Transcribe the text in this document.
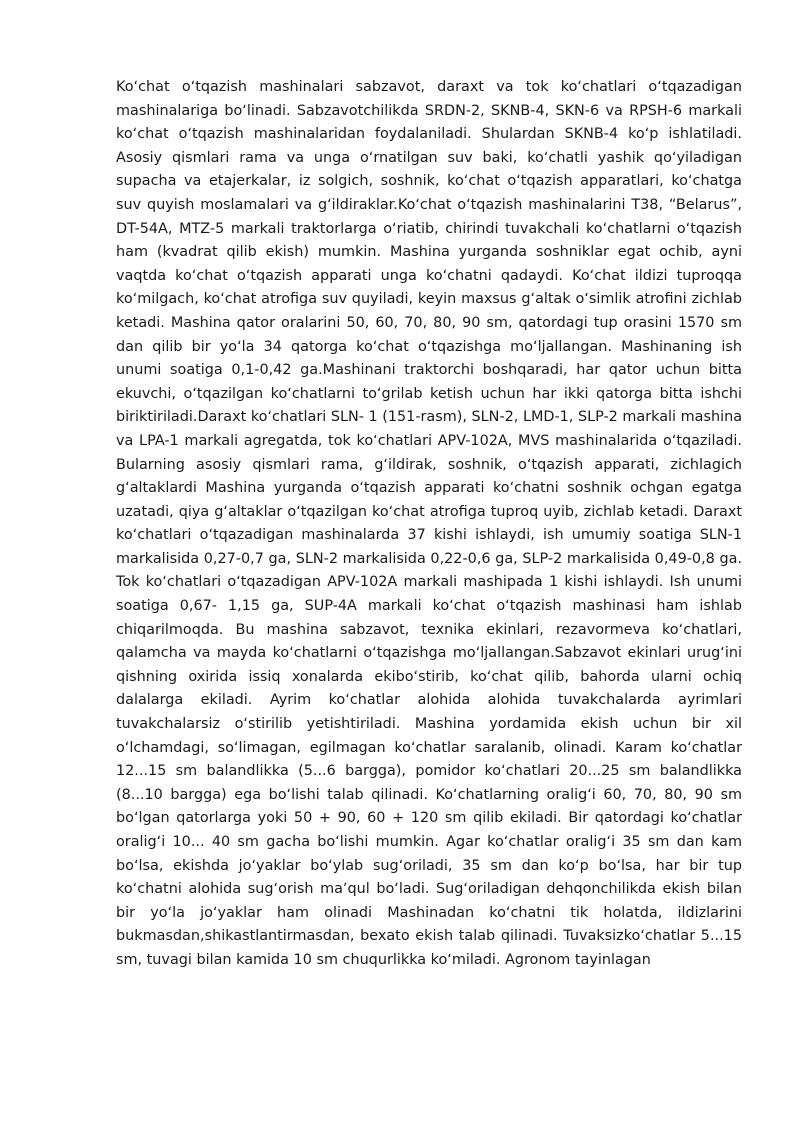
Koʻchat oʻtqazish mashinalari sabzavot, daraxt va tok koʻchatlari oʻtqazadigan mashinalariga boʻlinadi. Sabzavotchilikda SRDN-2, SKNB-4, SKN-6 va RPSH-6 markali koʻchat oʻtqazish mashinalaridan foydalaniladi. Shulardan SKNB-4 koʻp ishlatiladi. Asosiy qismlari rama va unga oʻrnatilgan suv baki, koʻchatli yashik qoʻyiladigan supacha va etajerkalar, iz solgich, soshnik, koʻchat oʻtqazish apparatlari, koʻchatga suv quyish moslamalari va gʻildiraklar.Koʻchat oʻtqazish mashinalarini T38, “Belarus”, DT-54A, MTZ-5 markali traktorlarga oʻriatib, chirindi tuvakchali koʻchatlarni oʻtqazish ham (kvadrat qilib ekish) mumkin. Mashina yurganda soshniklar egat ochib, ayni vaqtda koʻchat oʻtqazish apparati unga koʻchatni qadaydi. Koʻchat ildizi tuproqqa koʻmilgach, koʻchat atrofiga suv quyiladi, keyin maxsus gʻaltak oʻsimlik atrofini zichlab ketadi. Mashina qator oralarini 50, 60, 70, 80, 90 sm, qatordagi tup orasini 1570 sm dan qilib bir yoʻla 34 qatorga koʻchat oʻtqazishga moʻljallangan. Mashinaning ish unumi soatiga 0,1-0,42 ga.Mashinani traktorchi boshqaradi, har qator uchun bitta ekuvchi, oʻtqazilgan koʻchatlarni toʻgrilab ketish uchun har ikki qatorga bitta ishchi biriktiriladi.Daraxt koʻchatlari SLN- 1 (151-rasm), SLN-2, LMD-1, SLP-2 markali mashina va LPA-1 markali agregatda, tok koʻchatlari APV-102A, MVS mashinalarida oʻtqaziladi. Bularning asosiy qismlari rama, gʻildirak, soshnik, oʻtqazish apparati, zichlagich gʻaltaklardi Mashina yurganda oʻtqazish apparati koʻchatni soshnik ochgan egatga uzatadi, qiya gʻaltaklar oʻtqazilgan koʻchat atrofiga tuproq uyib, zichlab ketadi. Daraxt koʻchatlari oʻtqazadigan mashinalarda 37 kishi ishlaydi, ish umumiy soatiga SLN-1 markalisida 0,27-0,7 ga, SLN-2 markalisida 0,22-0,6 ga, SLP-2 markalisida 0,49-0,8 ga. Tok koʻchatlari oʻtqazadigan APV-102A markali mashipada 1 kishi ishlaydi. Ish unumi soatiga 0,67- 1,15 ga, SUP-4A markali koʻchat oʻtqazish mashinasi ham ishlab chiqarilmoqda. Bu mashina sabzavot, texnika ekinlari, rezavormeva koʻchatlari, qalamcha va mayda koʻchatlarni oʻtqazishga moʻljallangan.Sabzavot ekinlari urugʻini qishning oxirida issiq xonalarda ekiboʻstirib, koʻchat qilib, bahorda ularni ochiq dalalarga ekiladi. Ayrim koʻchatlar alohida alohida tuvakchalarda ayrimlari tuvakchalarsiz oʻstirilib yetishtiriladi. Mashina yordamida ekish uchun bir xil oʻlchamdagi, soʻlimagan, egilmagan koʻchatlar saralanib, olinadi. Karam koʻchatlar 12...15 sm balandlikka (5...6 bargga), pomidor koʻchatlari 20...25 sm balandlikka (8...10 bargga) ega boʻlishi talab qilinadi. Koʻchatlarning oraligʻi 60, 70, 80, 90 sm boʻlgan qatorlarga yoki 50 + 90, 60 + 120 sm qilib ekiladi. Bir qatordagi koʻchatlar oraligʻi 10... 40 sm gacha boʻlishi mumkin. Agar koʻchatlar oraligʻi 35 sm dan kam boʻlsa, ekishda joʻyaklar boʻylab sugʻoriladi, 35 sm dan koʻp boʻlsa, har bir tup koʻchatni alohida sugʻorish maʼqul boʻladi. Sugʻoriladigan dehqonchilikda ekish bilan bir yoʻla joʻyaklar ham olinadi Mashinadan koʻchatni tik holatda, ildizlarini bukmasdan,shikastlantirmasdan, bexato ekish talab qilinadi. Tuvaksizkoʻchatlar 5...15 sm, tuvagi bilan kamida 10 sm chuqurlikka koʻmiladi. Agronom tayinlagan
